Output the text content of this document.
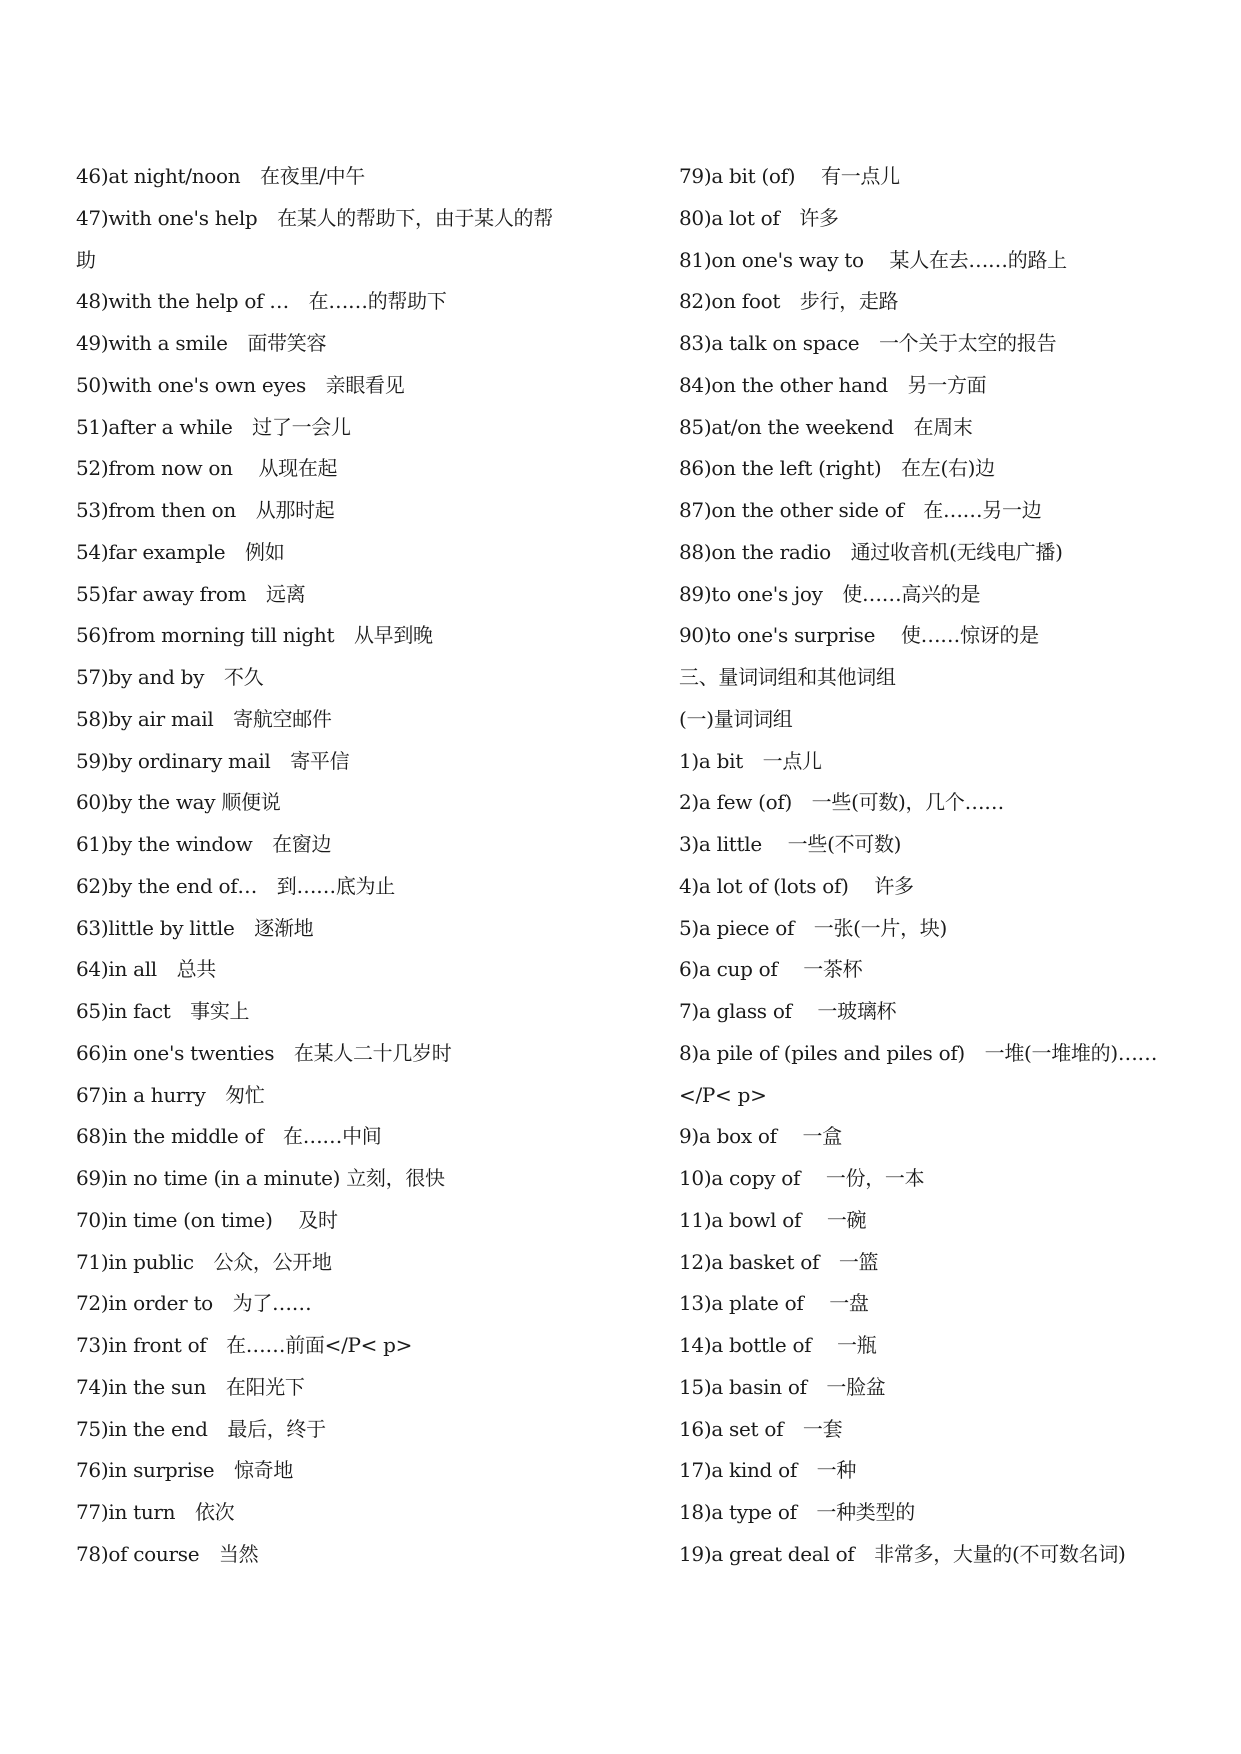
46)at night/noon　在夜里/中午
47)with one's help　在某人的帮助下，由于某人的帮
助
48)with the help of …　在……的帮助下
49)with a smile　面带笑容
50)with one's own eyes　亲眼看见
51)after a while　过了一会儿
52)from now on　 从现在起
53)from then on　从那时起
54)far example　例如
55)far away from　远离
56)from morning till night　从早到晚
57)by and by　不久
58)by air mail　寄航空邮件
59)by ordinary mail　寄平信
60)by the way 顺便说
61)by the window　在窗边
62)by the end of…　到……底为止
63)little by little　逐渐地
64)in all　总共
65)in fact　事实上
66)in one's twenties　在某人二十几岁时
67)in a hurry　匆忙
68)in the middle of　在……中间
69)in no time (in a minute) 立刻，很快
70)in time (on time)　 及时
71)in public　公众，公开地
72)in order to　为了……
73)in front of　在……前面</P< p>
74)in the sun　在阳光下
75)in the end　最后，终于
76)in surprise　惊奇地
77)in turn　依次
78)of course　当然
79)a bit (of)　 有一点儿
80)a lot of　许多
81)on one's way to　 某人在去……的路上
82)on foot　步行，走路
83)a talk on space　一个关于太空的报告
84)on the other hand　另一方面
85)at/on the weekend　在周末
86)on the left (right)　在左(右)边
87)on the other side of　在……另一边
88)on the radio　通过收音机(无线电广播)
89)to one's joy　使……高兴的是
90)to one's surprise　 使……惊讶的是
三、量词词组和其他词组
(一)量词词组
1)a bit　一点儿
2)a few (of)　一些(可数)，几个……
3)a little　 一些(不可数)
4)a lot of (lots of)　 许多
5)a piece of　一张(一片，块)
6)a cup of　 一茶杯
7)a glass of　 一玻璃杯
8)a pile of (piles and piles of)　一堆(一堆堆的)……
</P< p>
9)a box of　 一盒
10)a copy of　 一份，一本
11)a bowl of　 一碗
12)a basket of　一篮
13)a plate of　 一盘
14)a bottle of　 一瓶
15)a basin of　一脸盆
16)a set of　一套
17)a kind of　一种
18)a type of　一种类型的
19)a great deal of　非常多，大量的(不可数名词)
